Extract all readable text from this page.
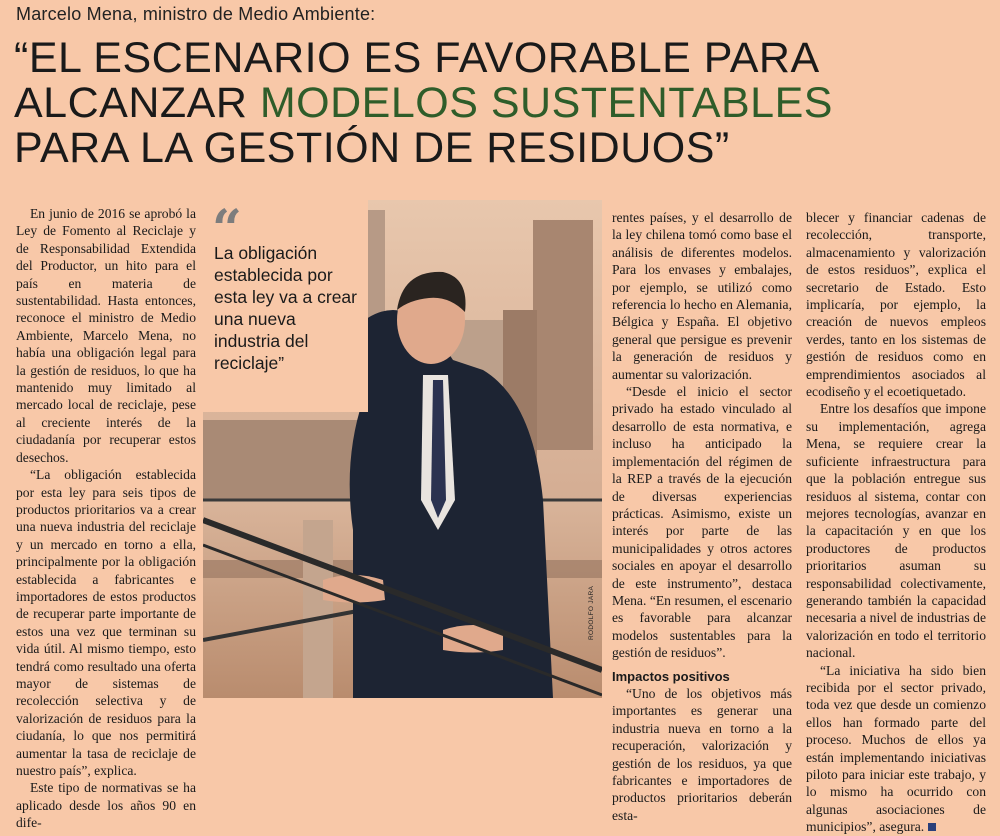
Marcelo Mena, ministro de Medio Ambiente:
“EL ESCENARIO ES FAVORABLE PARA
ALCANZAR MODELOS SUSTENTABLES
PARA LA GESTIÓN DE RESIDUOS”

En junio de 2016 se aprobó la Ley de Fomento al Reciclaje y de Responsabilidad Extendida del Productor, un hito para el país en materia de sustentabilidad. Hasta entonces, reconoce el ministro de Medio Ambiente, Marcelo Mena, no había una obligación legal para la gestión de residuos, lo que ha mantenido muy limitado al mercado local de reciclaje, pese al creciente interés de la ciudadanía por recuperar estos desechos.

“La obligación establecida por esta ley para seis tipos de productos prioritarios va a crear una nueva industria del reciclaje y un mercado en torno a ella, principalmente por la obligación establecida a fabricantes e importadores de estos productos de recuperar parte importante de estos una vez que terminan su vida útil. Al mismo tiempo, esto tendrá como resultado una oferta mayor de sistemas de recolección selectiva y de valorización de residuos para la ciudanía, lo que nos permitirá aumentar la tasa de reciclaje de nuestro país”, explica.

Este tipo de normativas se ha aplicado desde los años 90 en dife-

“
La obligación establecida por esta ley va a crear una nueva industria del reciclaje”
RODOLFO JARA

rentes países, y el desarrollo de la ley chilena tomó como base el análisis de diferentes modelos. Para los envases y embalajes, por ejemplo, se utilizó como referencia lo hecho en Alemania, Bélgica y España. El objetivo general que persigue es prevenir la generación de residuos y aumentar su valorización.

“Desde el inicio el sector privado ha estado vinculado al desarrollo de esta normativa, e incluso ha anticipado la implementación del régimen de la REP a través de la ejecución de diversas experiencias prácticas. Asimismo, existe un interés por parte de las municipalidades y otros actores sociales en apoyar el desarrollo de este instrumento”, destaca Mena. “En resumen, el escenario es favorable para alcanzar modelos sustentables para la gestión de residuos”.

Impactos positivos

“Uno de los objetivos más importantes es generar una industria nueva en torno a la recuperación, valorización y gestión de los residuos, ya que fabricantes e importadores de productos prioritarios deberán esta-

blecer y financiar cadenas de recolección, transporte, almacenamiento y valorización de estos residuos”, explica el secretario de Estado. Esto implicaría, por ejemplo, la creación de nuevos empleos verdes, tanto en los sistemas de gestión de residuos como en emprendimientos asociados al ecodiseño y el ecoetiquetado.

Entre los desafíos que impone su implementación, agrega Mena, se requiere crear la suficiente infraestructura para que la población entregue sus residuos al sistema, contar con mejores tecnologías, avanzar en la capacitación y en que los productores de productos prioritarios asuman su responsabilidad colectivamente, generando también la capacidad necesaria a nivel de industrias de valorización en todo el territorio nacional.

“La iniciativa ha sido bien recibida por el sector privado, toda vez que desde un comienzo ellos han formado parte del proceso. Muchos de ellos ya están implementando iniciativas piloto para iniciar este trabajo, y lo mismo ha ocurrido con algunas asociaciones de municipios”, asegura.
